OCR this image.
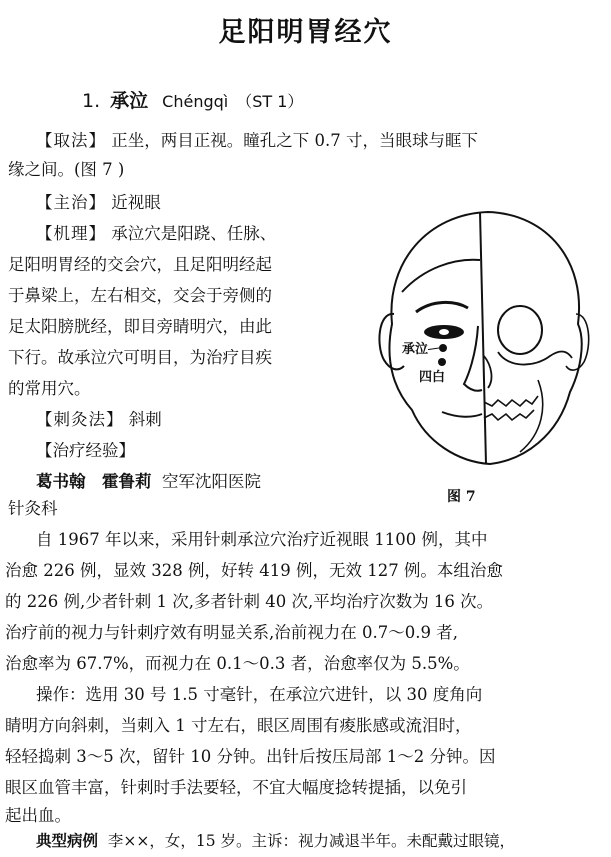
足阳明胃经穴
1. 承泣 Chéngqì （ST 1）
【取法】 正坐，两目正视。瞳孔之下 0.7 寸，当眼球与眶下
缘之间。(图 7 )
【主治】 近视眼
【机理】 承泣穴是阳跷、任脉、
足阳明胃经的交会穴，且足阳明经起
于鼻梁上，左右相交，交会于旁侧的
足太阳膀胱经，即目旁睛明穴，由此
下行。故承泣穴可明目，为治疗目疾
的常用穴。
【刺灸法】 斜刺
【治疗经验】
葛书翰　霍鲁莉 空军沈阳医院
针灸科
承泣
四白
图 7
自 1967 年以来，采用针刺承泣穴治疗近视眼 1100 例，其中
治愈 226 例，显效 328 例，好转 419 例，无效 127 例。本组治愈
的 226 例,少者针刺 1 次,多者针刺 40 次,平均治疗次数为 16 次。
治疗前的视力与针刺疗效有明显关系,治前视力在 0.7～0.9 者,
治愈率为 67.7%，而视力在 0.1～0.3 者，治愈率仅为 5.5%。
操作：选用 30 号 1.5 寸毫针，在承泣穴进针，以 30 度角向
睛明方向斜刺，当刺入 1 寸左右，眼区周围有痠胀感或流泪时，
轻轻捣刺 3～5 次，留针 10 分钟。出针后按压局部 1～2 分钟。因
眼区血管丰富，针刺时手法要轻，不宜大幅度捻转提插，以免引
起出血。
典型病例 李××，女，15 岁。主诉：视力减退半年。未配戴过眼镜，
